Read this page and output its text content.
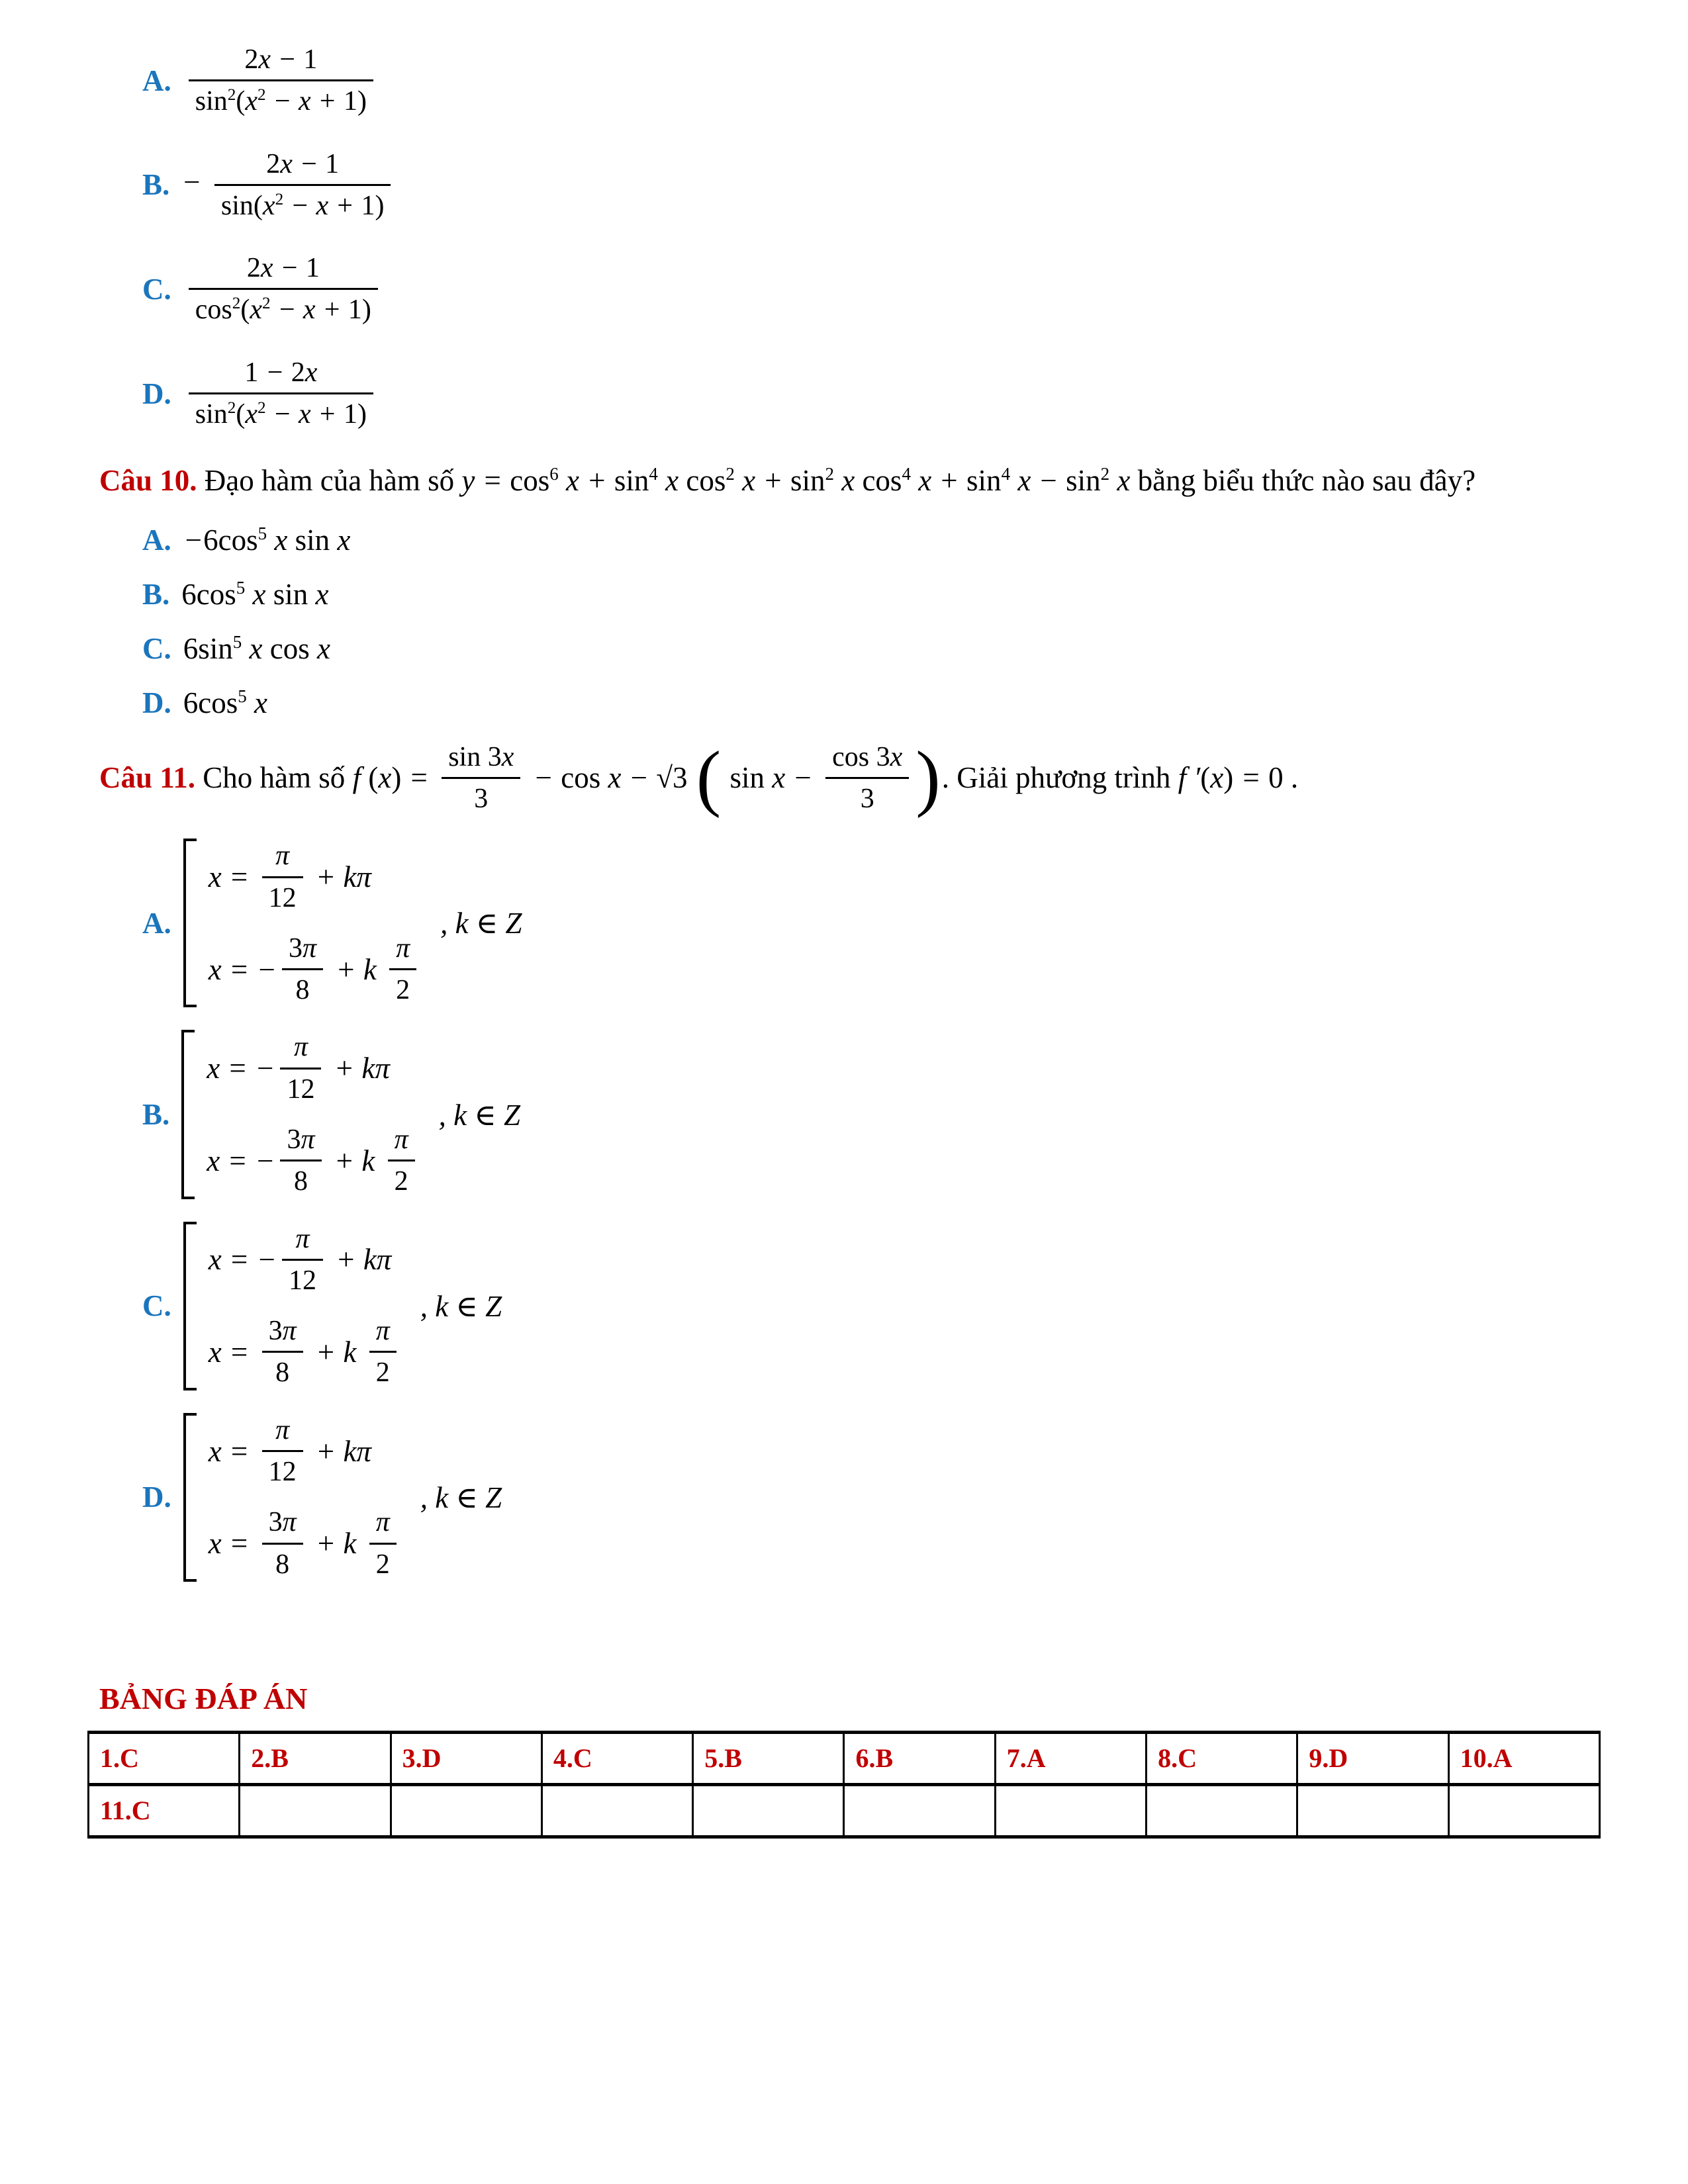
A. $\frac{2x - 1}{\sin^2(x^2 - x + 1)}$
B. − $\frac{2x - 1}{\sin(x^2 - x + 1)}$
C. $\frac{2x - 1}{\cos^2(x^2 - x + 1)}$
D. $\frac{1 - 2x}{\sin^2(x^2 - x + 1)}$

Câu 10. Đạo hàm của hàm số $y = \cos^6 x + \sin^4 x$ $\cos^2 x + \sin^2 x$ $\cos^4 x + \sin^4 x - \sin^2 x$ bằng biểu thức nào sau đây?

A. $-6\cos^5$ x sin x
B. $6\cos^5$ x sin x
C. $6\sin^5$ x cos x
D. $6\cos^5$ x
Câu 11. Cho hàm số f $(x) = \frac{\sin 3x}{3} - \cos x - √3$ ( $\sin x - \frac{\cos 3x}{3}$ ) . Giải phương trình f ′(x) = 0 .
A.
$x = \frac{\pi}{12} + k\pi$
x = − $\frac{3\pi}{8} + k \frac{\pi}{2}$
, k ∈ Z
B.
x = − $\frac{\pi}{12} + k\pi$
x = − $\frac{3\pi}{8} + k \frac{\pi}{2}$
, k ∈ Z
C.
x = − $\frac{\pi}{12} + k\pi$
$x = \frac{3\pi}{8} + k \frac{\pi}{2}$
, k ∈ Z
D.
$x = \frac{\pi}{12} + k\pi$
$x = \frac{3\pi}{8} + k \frac{\pi}{2}$
, k ∈ Z
BẢNG ĐÁP ÁN
1.C	2.B	3.D	4.C	5.B	6.B	7.A	8.C	9.D	10.A
11.C									
